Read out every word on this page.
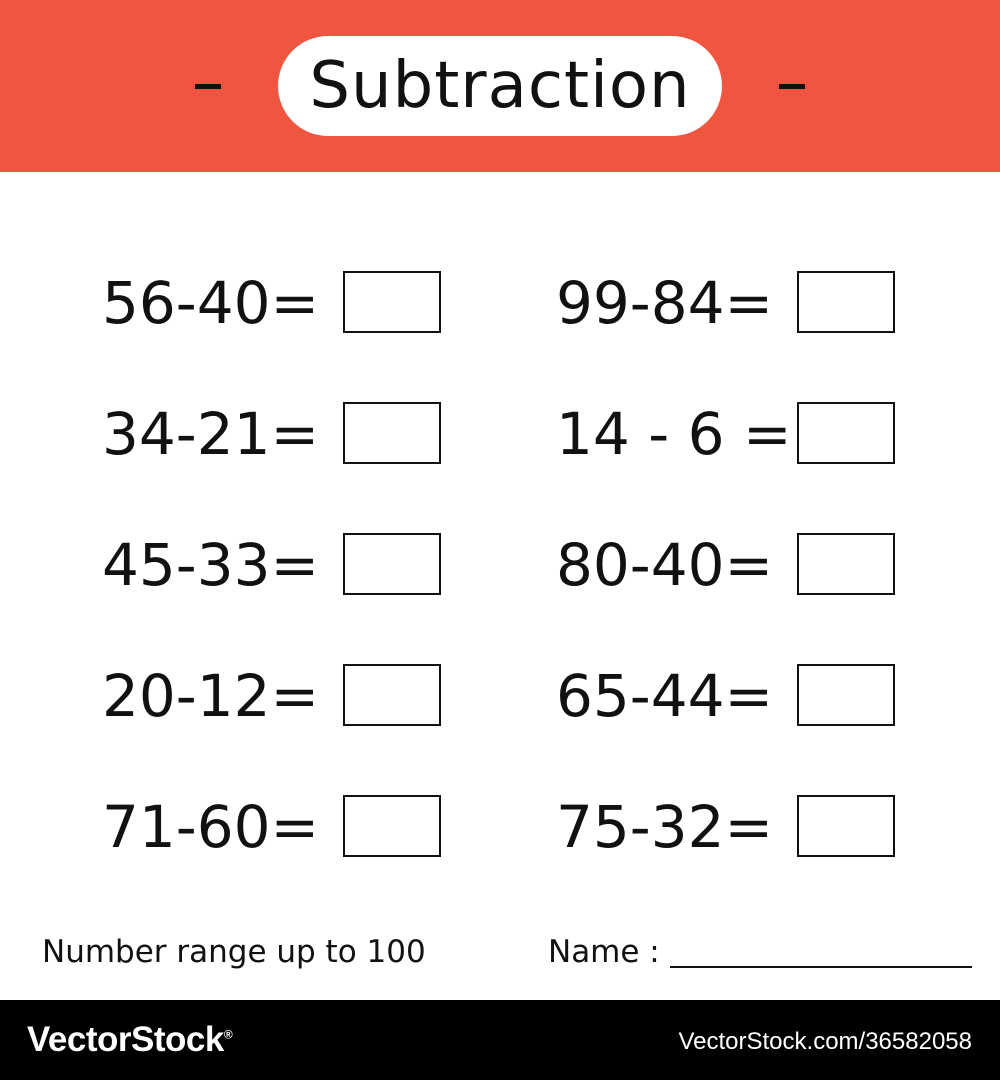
Subtraction
56-40=
34-21=
45-33=
20-12=
71-60=
99-84=
14 - 6 =
80-40=
65-44=
75-32=
Number range up to 100	Name :
VectorStock®	VectorStock.com/36582058
